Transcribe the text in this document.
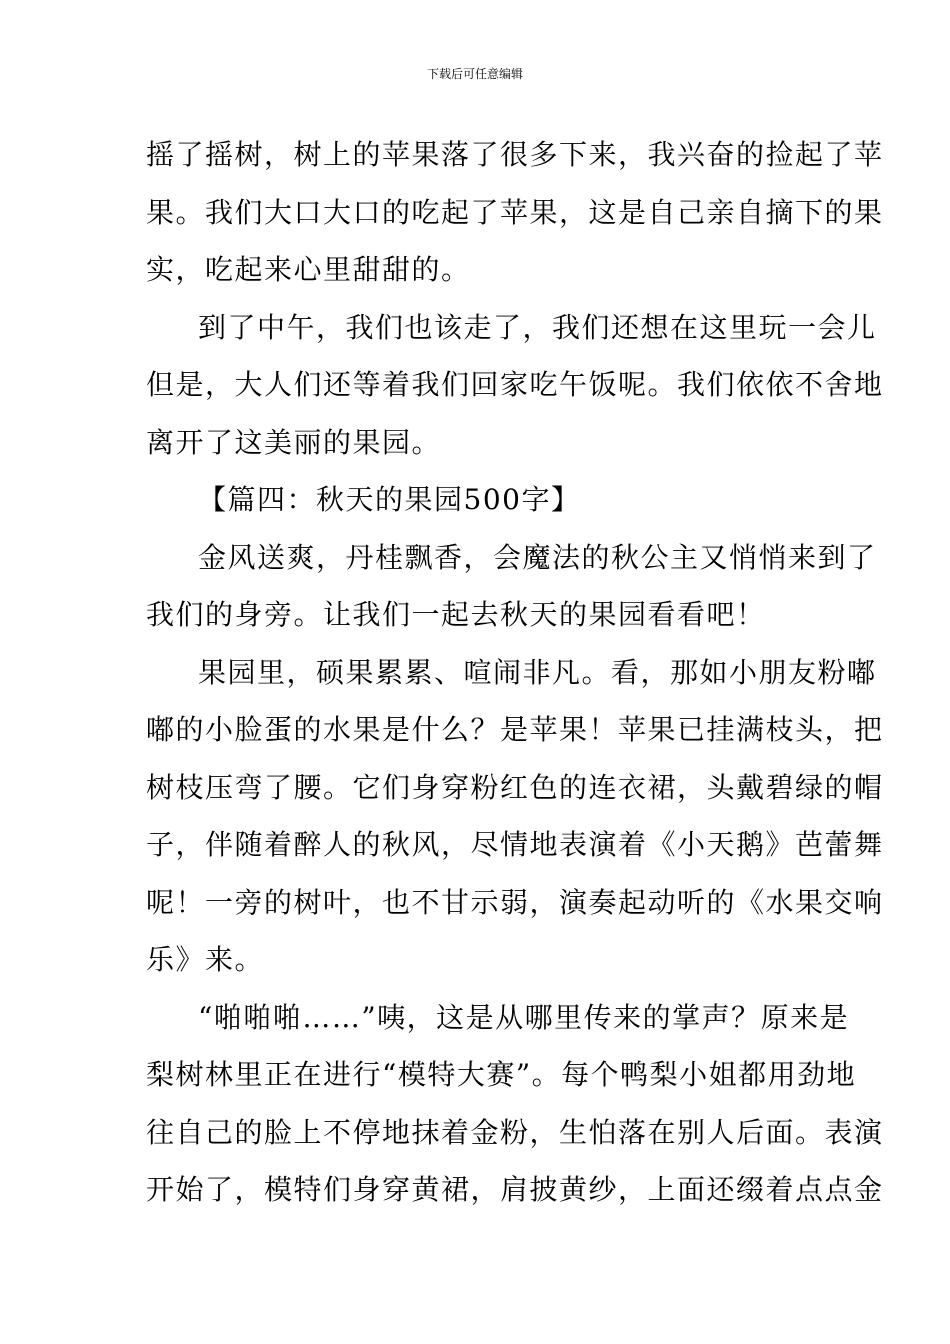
下载后可任意编辑
摇了摇树，树上的苹果落了很多下来，我兴奋的捡起了苹
果。我们大口大口的吃起了苹果，这是自己亲自摘下的果
实，吃起来心里甜甜的。
到了中午，我们也该走了，我们还想在这里玩一会儿
但是，大人们还等着我们回家吃午饭呢。我们依依不舍地
离开了这美丽的果园。
【篇四：秋天的果园500字】
金风送爽，丹桂飘香，会魔法的秋公主又悄悄来到了
我们的身旁。让我们一起去秋天的果园看看吧！
果园里，硕果累累、喧闹非凡。看，那如小朋友粉嘟
嘟的小脸蛋的水果是什么？是苹果！苹果已挂满枝头，把
树枝压弯了腰。它们身穿粉红色的连衣裙，头戴碧绿的帽
子，伴随着醉人的秋风，尽情地表演着《小天鹅》芭蕾舞
呢！一旁的树叶，也不甘示弱，演奏起动听的《水果交响
乐》来。
“啪啪啪……”咦，这是从哪里传来的掌声？原来是
梨树林里正在进行“模特大赛”。每个鸭梨小姐都用劲地
往自己的脸上不停地抹着金粉，生怕落在别人后面。表演
开始了，模特们身穿黄裙，肩披黄纱，上面还缀着点点金
